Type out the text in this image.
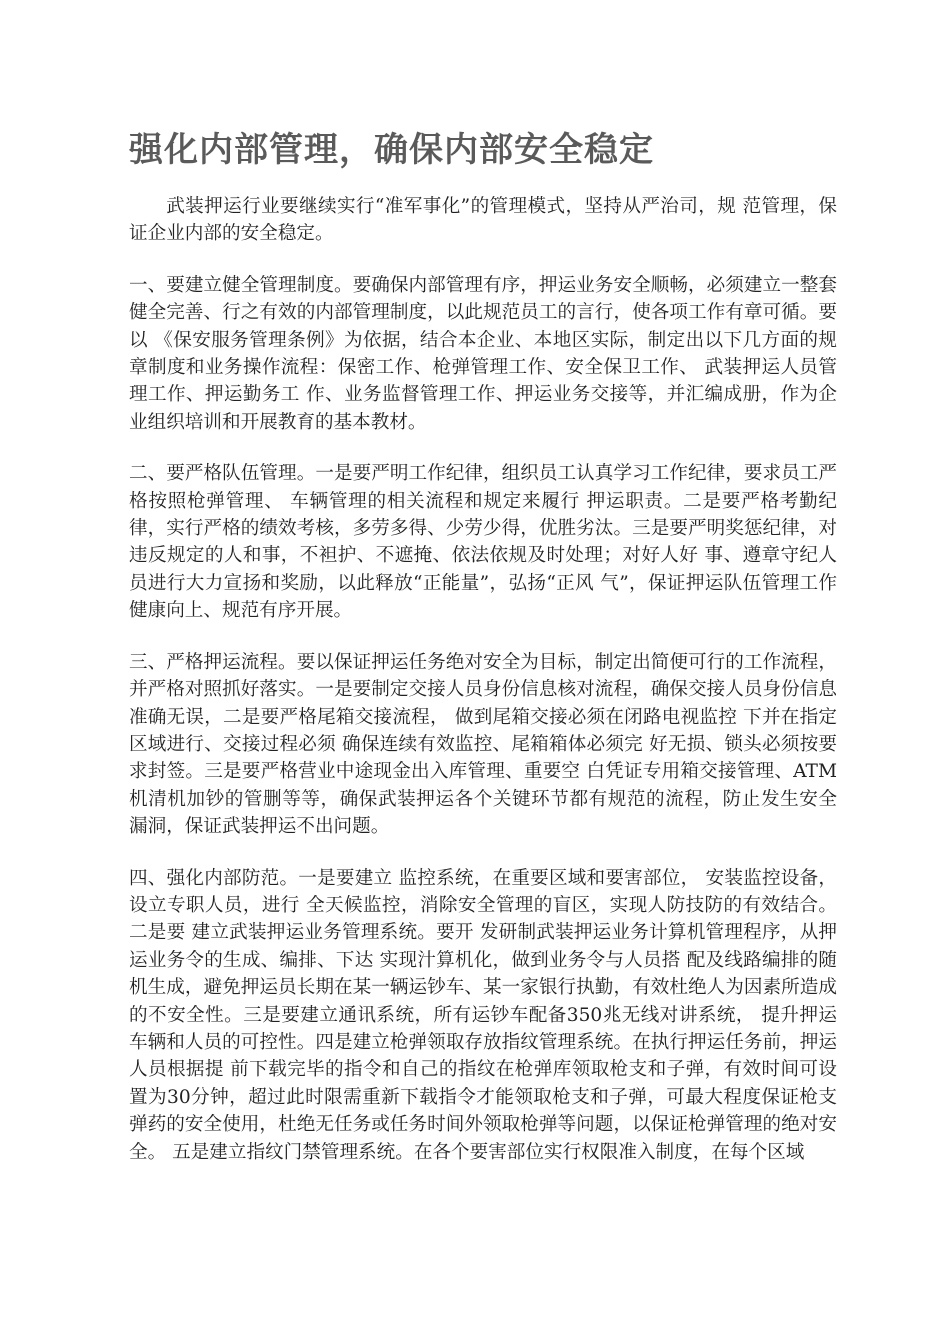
强化内部管理，确保内部安全稳定

武装押运行业要继续实行“准军事化”的管理模式，坚持从严治司，规 范管理，保证企业内部的安全稳定。

一、要建立健全管理制度。要确保内部管理有序，押运业务安全顺畅，必须建立一整套健全完善、行之有效的内部管理制度，以此规范员工的言行，使各项工作有章可循。要以 《保安服务管理条例》为依据，结合本企业、本地区实际，制定出以下几方面的规章制度和业务操作流程：保密工作、枪弹管理工作、安全保卫工作、 武装押运人员管理工作、押运勤务工 作、业务监督管理工作、押运业务交接等，并汇编成册，作为企业组织培训和开展教育的基本教材。

二、要严格队伍管理。一是要严明工作纪律，组织员工认真学习工作纪律，要求员工严格按照枪弹管理、 车辆管理的相关流程和规定来履行 押运职责。二是要严格考勤纪律，实行严格的绩效考核，多劳多得、少劳少得，优胜劣汰。三是要严明奖惩纪律，对违反规定的人和事，不袒护、不遮掩、依法依规及时处理；对好人好 事、遵章守纪人员进行大力宣扬和奖励，以此释放“正能量”，弘扬“正风 气”，保证押运队伍管理工作健康向上、规范有序开展。

三、严格押运流程。要以保证押运任务绝对安全为目标，制定出简便可行的工作流程，并严格对照抓好落实。一是要制定交接人员身份信息核对流程，确保交接人员身份信息准确无误，二是要严格尾箱交接流程， 做到尾箱交接必须在闭路电视监控 下并在指定区域进行、交接过程必须 确保连续有效监控、尾箱箱体必须完 好无损、锁头必须按要求封签。三是要严格营业中途现金出入库管理、重要空 白凭证专用箱交接管理、ATM机清机加钞的管删等等，确保武装押运各个关键环节都有规范的流程，防止发生安全 漏洞，保证武装押运不出问题。

四、强化内部防范。一是要建立 监控系统，在重要区域和要害部位， 安装监控设备，设立专职人员，进行 全天候监控，消除安全管理的盲区，实现人防技防的有效结合。二是要 建立武装押运业务管理系统。要开 发研制武装押运业务计算机管理程序，从押运业务令的生成、编排、下达 实现汁算机化，做到业务令与人员搭 配及线路编排的随机生成，避免押运员长期在某一辆运钞车、某一家银行执勤，有效杜绝人为因素所造成的不安全性。三是要建立通讯系统，所有运钞车配备350兆无线对讲系统， 提升押运车辆和人员的可控性。四是建立枪弹领取存放指纹管理系统。在执行押运任务前，押运人员根据提 前下载完毕的指令和自己的指纹在枪弹库领取枪支和子弹，有效时间可设置为30分钟，超过此时限需重新下载指令才能领取枪支和子弹，可最大程度保证枪支弹药的安全使用，杜绝无任务或任务时间外领取枪弹等问题，以保证枪弹管理的绝对安全。 五是建立指纹门禁管理系统。在各个要害部位实行权限准入制度，在每个区域
